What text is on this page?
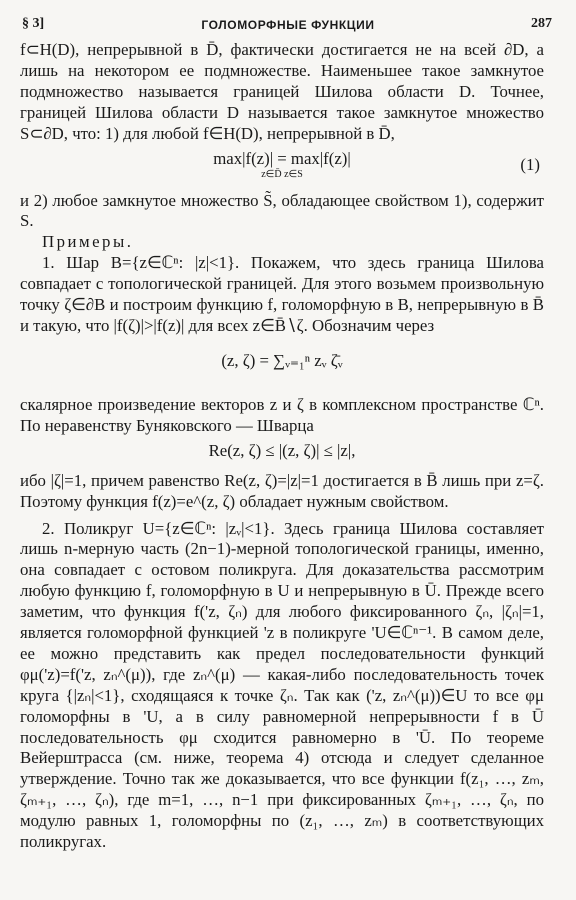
§ 3]	ГОЛОМОРФНЫЕ ФУНКЦИИ	287

f⊂H(D), непрерывной в D̄, фактически достигается не на всей ∂D, а лишь на некотором ее подмножестве. Наименьшее такое замкнутое подмножество называется границей Шилова области D. Точнее, границей Шилова области D называется такое замкнутое множество S⊂∂D, что: 1) для любой f∈H(D), непрерывной в D̄,

max|f(z)| = max|f(z)|
z∈D̄ z∈S
(1)

и 2) любое замкнутое множество S̃, обладающее свойством 1), содержит S.

Примеры.

1. Шар B={z∈ℂⁿ: |z|<1}. Покажем, что здесь граница Шилова совпадает с топологической границей. Для этого возьмем произвольную точку ζ∈∂B и построим функцию f, голоморфную в B, непрерывную в B̄ и такую, что |f(ζ)|>|f(z)| для всех z∈B̄∖ζ. Обозначим через

(z, ζ) = ∑ᵥ₌₁ⁿ zᵥ ζ̄ᵥ

скалярное произведение векторов z и ζ в комплексном пространстве ℂⁿ. По неравенству Буняковского — Шварца

Re(z, ζ) ≤ |(z, ζ)| ≤ |z|,

ибо |ζ|=1, причем равенство Re(z, ζ)=|z|=1 достигается в B̄ лишь при z=ζ. Поэтому функция f(z)=e^(z, ζ) обладает нужным свойством.

2. Поликруг U={z∈ℂⁿ: |zᵥ|<1}. Здесь граница Шилова составляет лишь n-мерную часть (2n−1)-мерной топологической границы, именно, она совпадает с остовом поликруга. Для доказательства рассмотрим любую функцию f, голоморфную в U и непрерывную в Ū. Прежде всего заметим, что функция f('z, ζₙ) для любого фиксированного ζₙ, |ζₙ|=1, является голоморфной функцией 'z в поликруге 'U∈ℂⁿ⁻¹. В самом деле, ее можно представить как предел последовательности функций φμ('z)=f('z, zₙ^(μ)), где zₙ^(μ) — какая-либо последовательность точек круга {|zₙ|<1}, сходящаяся к точке ζₙ. Так как ('z, zₙ^(μ))∈U то все φμ голоморфны в 'U, а в силу равномерной непрерывности f в Ū последовательность φμ сходится равномерно в 'Ū. По теореме Вейерштрасса (см. ниже, теорема 4) отсюда и следует сделанное утверждение. Точно так же доказывается, что все функции f(z₁, …, zₘ, ζₘ₊₁, …, ζₙ), где m=1, …, n−1 при фиксированных ζₘ₊₁, …, ζₙ, по модулю равных 1, голоморфны по (z₁, …, zₘ) в соответствующих поликругах.
